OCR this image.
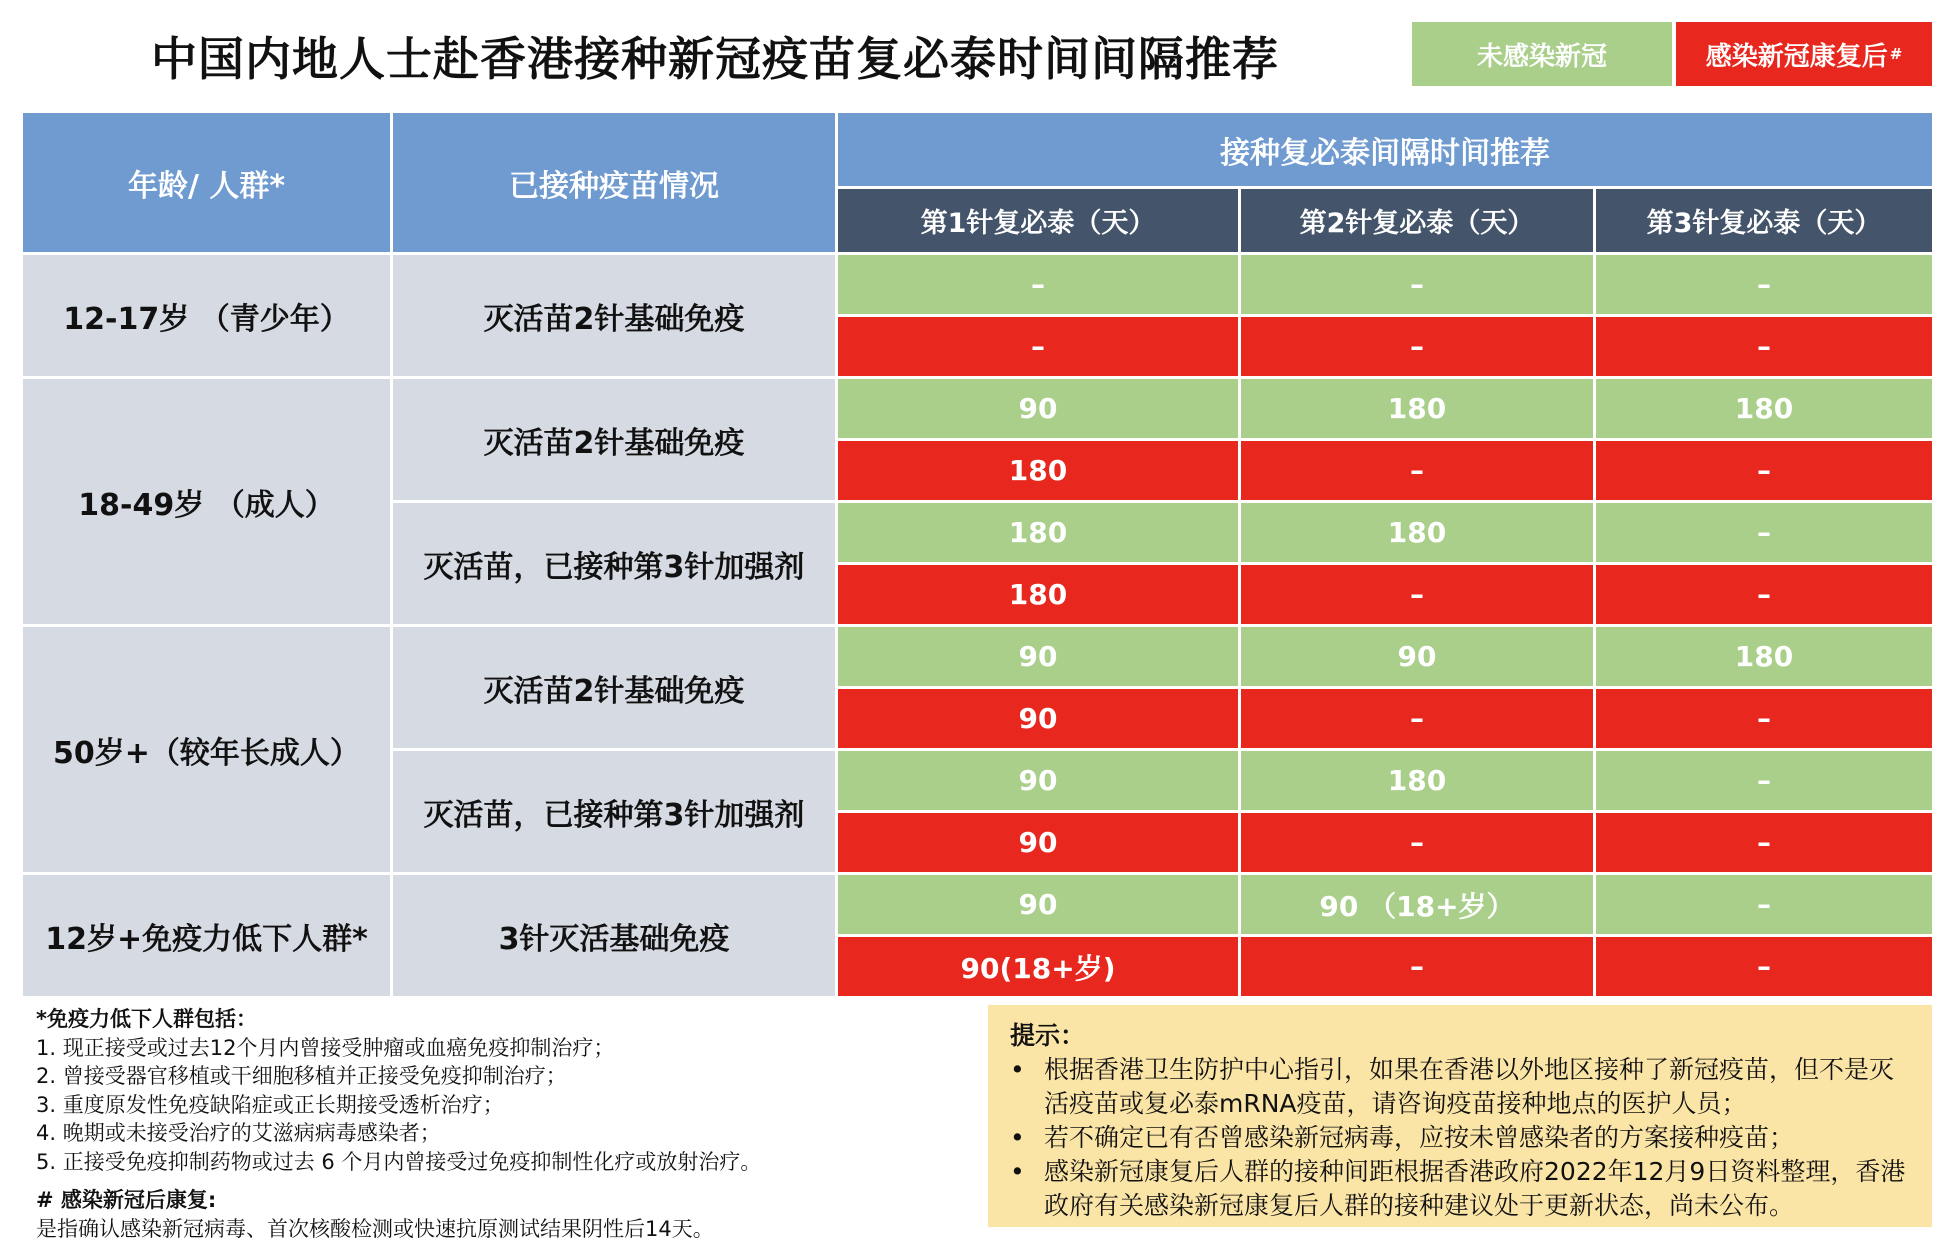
中国内地人士赴香港接种新冠疫苗复必泰时间间隔推荐	未感染新冠	感染新冠康复后 #
年龄/ 人群*	已接种疫苗情况	接种复必泰间隔时间推荐		
		第1针复必泰（天）	第2针复必泰（天）	第3针复必泰（天）
12-17岁 （青少年）	灭活苗2针基础免疫	–	–	–
		–	–	–
18-49岁 （成人）	灭活苗2针基础免疫	90	180	180
		180	–	–
	灭活苗，已接种第3针加强剂	180	180	–
		180	–	–
50岁+（较年长成人）	灭活苗2针基础免疫	90	90	180
		90	–	–
	灭活苗，已接种第3针加强剂	90	180	–
		90	–	–
12岁+免疫力低下人群*	3针灭活基础免疫	90	90 （18+岁）	–
		90(18+岁)	–	–
*免疫力低下人群包括：
1. 现正接受或过去12个月内曾接受肿瘤或血癌免疫抑制治疗；
2. 曾接受器官移植或干细胞移植并正接受免疫抑制治疗；
3. 重度原发性免疫缺陷症或正长期接受透析治疗；
4. 晚期或未接受治疗的艾滋病病毒感染者；
5. 正接受免疫抑制药物或过去 6 个月内曾接受过免疫抑制性化疗或放射治疗。
# 感染新冠后康复:
是指确认感染新冠病毒、首次核酸检测或快速抗原测试结果阴性后14天。
提示：
• 根据香港卫生防护中心指引，如果在香港以外地区接种了新冠疫苗，但不是灭活疫苗或复必泰mRNA疫苗，请咨询疫苗接种地点的医护人员；
• 若不确定已有否曾感染新冠病毒，应按未曾感染者的方案接种疫苗；
• 感染新冠康复后人群的接种间距根据香港政府2022年12月9日资料整理，香港政府有关感染新冠康复后人群的接种建议处于更新状态，尚未公布。
